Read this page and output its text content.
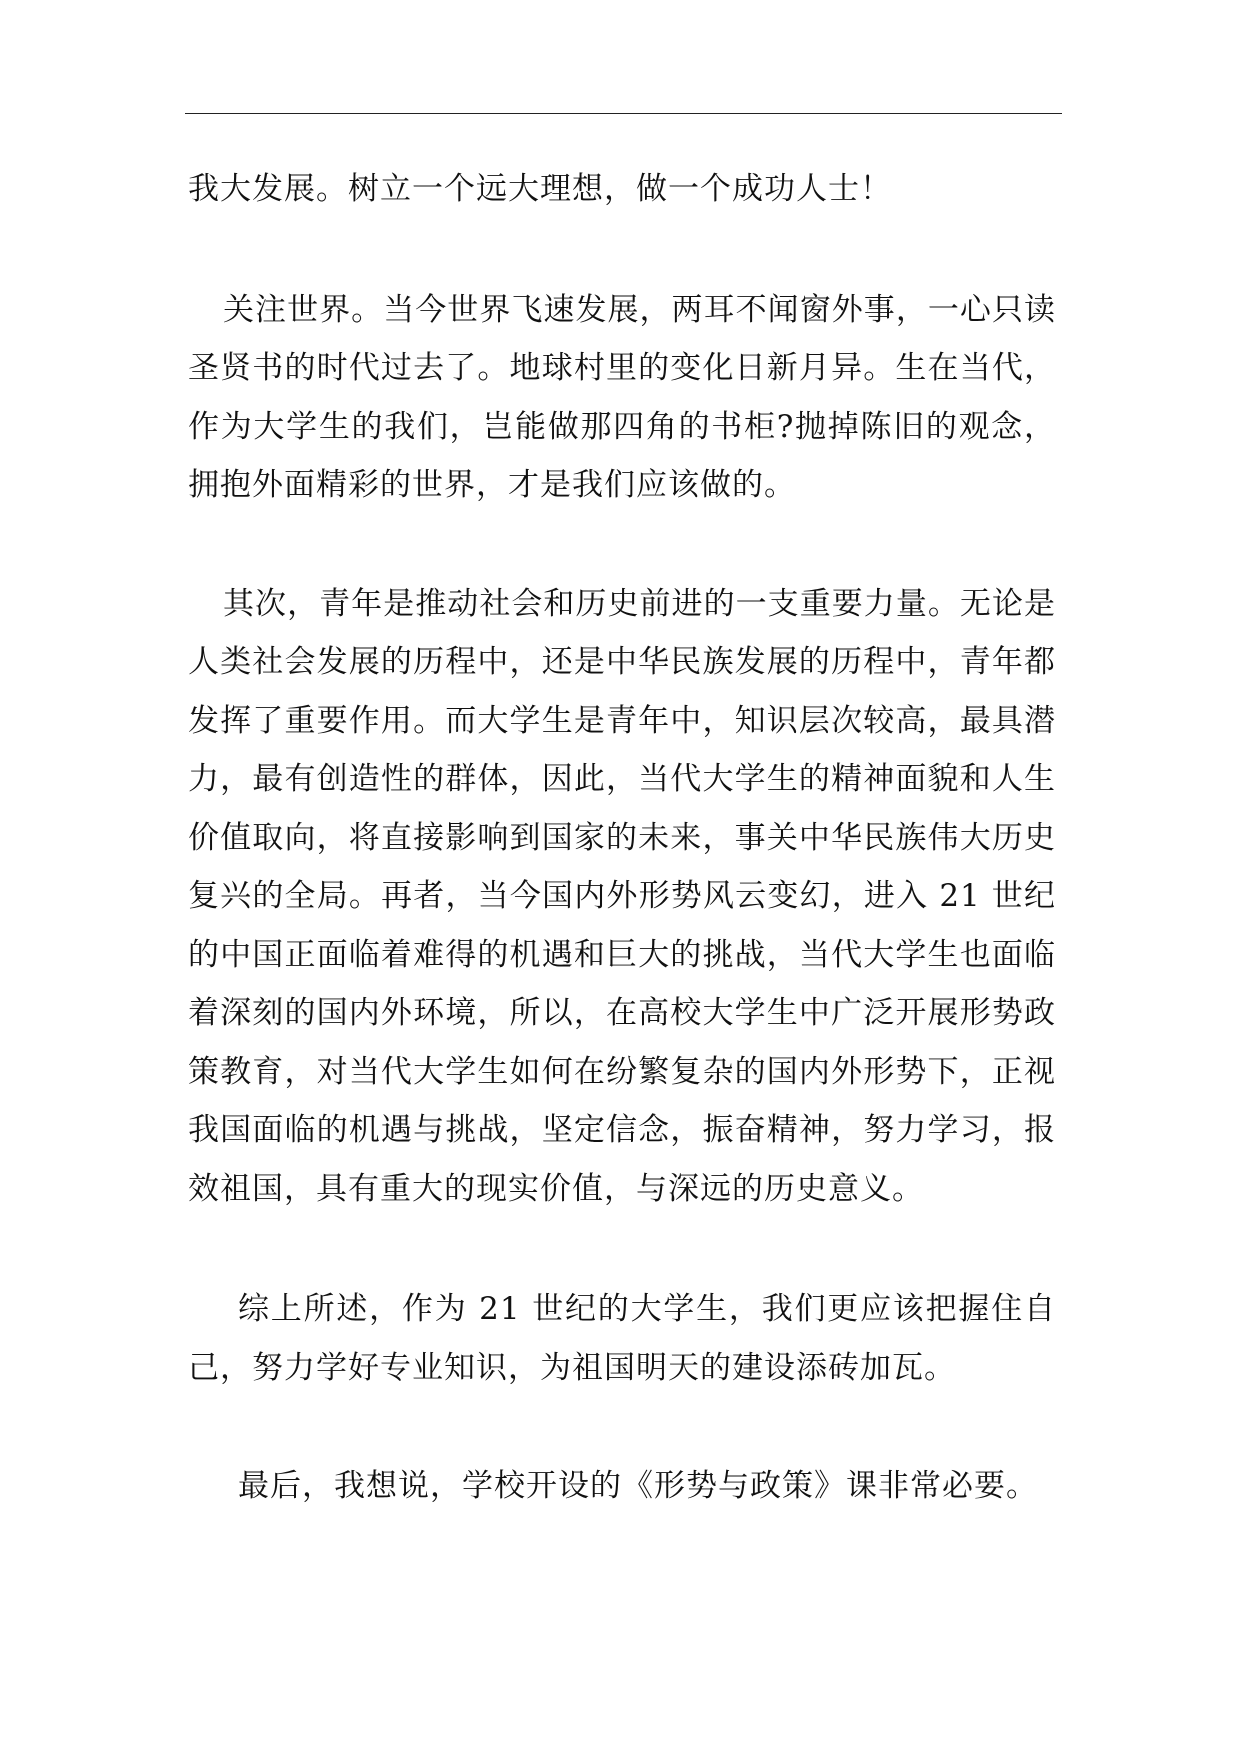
我大发展。树立一个远大理想，做一个成功人士！

关注世界。当今世界飞速发展，两耳不闻窗外事，一心只读圣贤书的时代过去了。地球村里的变化日新月异。生在当代，作为大学生的我们，岂能做那四角的书柜?抛掉陈旧的观念，拥抱外面精彩的世界，才是我们应该做的。

其次，青年是推动社会和历史前进的一支重要力量。无论是人类社会发展的历程中，还是中华民族发展的历程中，青年都发挥了重要作用。而大学生是青年中，知识层次较高，最具潜力，最有创造性的群体，因此，当代大学生的精神面貌和人生价值取向，将直接影响到国家的未来，事关中华民族伟大历史复兴的全局。再者，当今国内外形势风云变幻，进入 21 世纪的中国正面临着难得的机遇和巨大的挑战，当代大学生也面临着深刻的国内外环境，所以，在高校大学生中广泛开展形势政策教育，对当代大学生如何在纷繁复杂的国内外形势下，正视我国面临的机遇与挑战，坚定信念，振奋精神，努力学习，报效祖国，具有重大的现实价值，与深远的历史意义。

综上所述，作为 21 世纪的大学生，我们更应该把握住自己，努力学好专业知识，为祖国明天的建设添砖加瓦。

最后，我想说，学校开设的《形势与政策》课非常必要。
